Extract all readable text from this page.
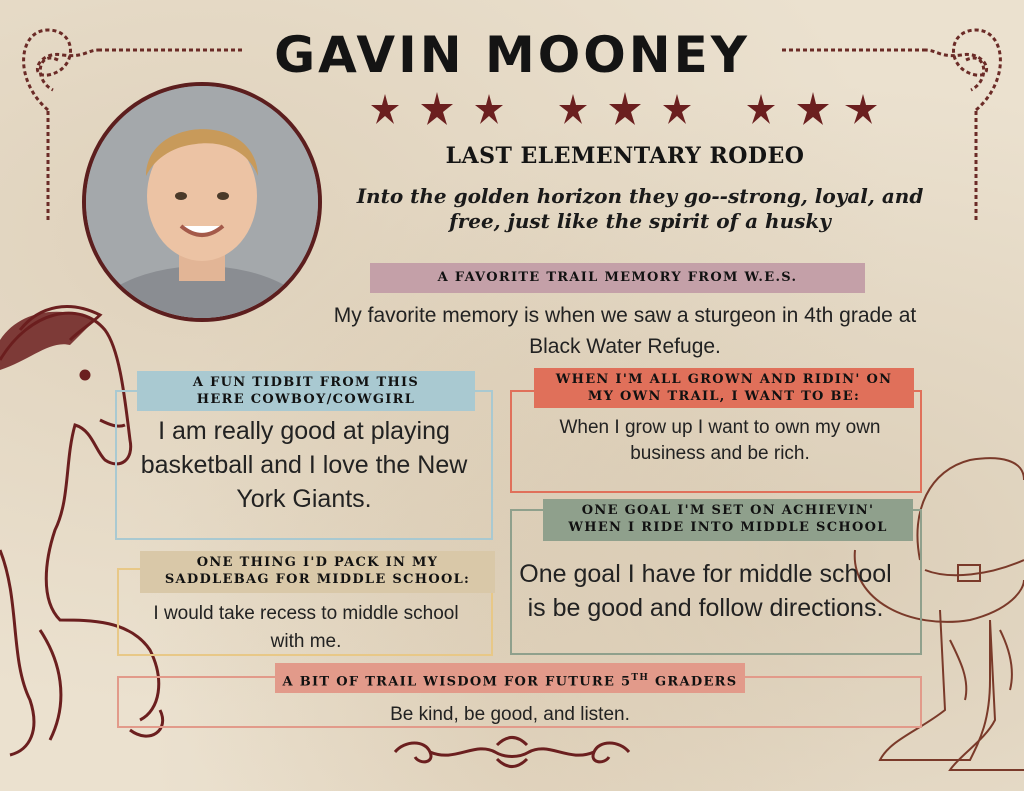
GAVIN MOONEY
LAST ELEMENTARY RODEO
Into the golden horizon they go--strong, loyal, and free, just like the spirit of a husky
A FAVORITE TRAIL MEMORY FROM W.E.S.
My favorite memory is when we saw a sturgeon in 4th grade at Black Water Refuge.
A FUN TIDBIT FROM THIS HERE COWBOY/COWGIRL
I am really good at playing basketball and I love the New York Giants.
WHEN I'M ALL GROWN AND RIDIN' ON MY OWN TRAIL, I WANT TO BE:
When I grow up I want to own my own business and be rich.
ONE GOAL I'M SET ON ACHIEVIN' WHEN I RIDE INTO MIDDLE SCHOOL
One goal I have for middle school is be good and follow directions.
ONE THING I'D PACK IN MY SADDLEBAG FOR MIDDLE SCHOOL:
I would take recess to middle school with me.
A BIT OF TRAIL WISDOM FOR FUTURE 5TH GRADERS
Be kind, be good, and listen.
